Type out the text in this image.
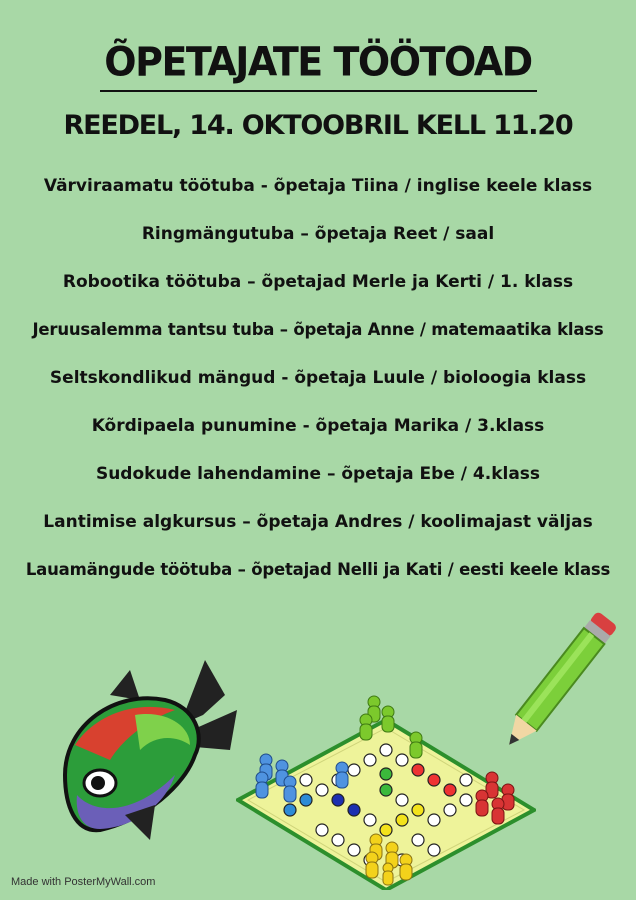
ÕPETAJATE TÖÖTOAD
REEDEL, 14. OKTOOBRIL KELL 11.20
Värviraamatu töötuba - õpetaja Tiina / inglise keele klass
Ringmängutuba – õpetaja Reet / saal
Robootika töötuba – õpetajad Merle ja Kerti / 1. klass
Jeruusalemma tantsu tuba – õpetaja Anne / matemaatika klass
Seltskondlikud mängud - õpetaja Luule / bioloogia klass
Kõrdipaela punumine - õpetaja Marika / 3.klass
Sudokude lahendamine – õpetaja Ebe / 4.klass
Lantimise algkursus – õpetaja Andres / koolimajast väljas
Lauamängude töötuba – õpetajad Nelli ja Kati / eesti keele klass
Made with PosterMyWall.com
